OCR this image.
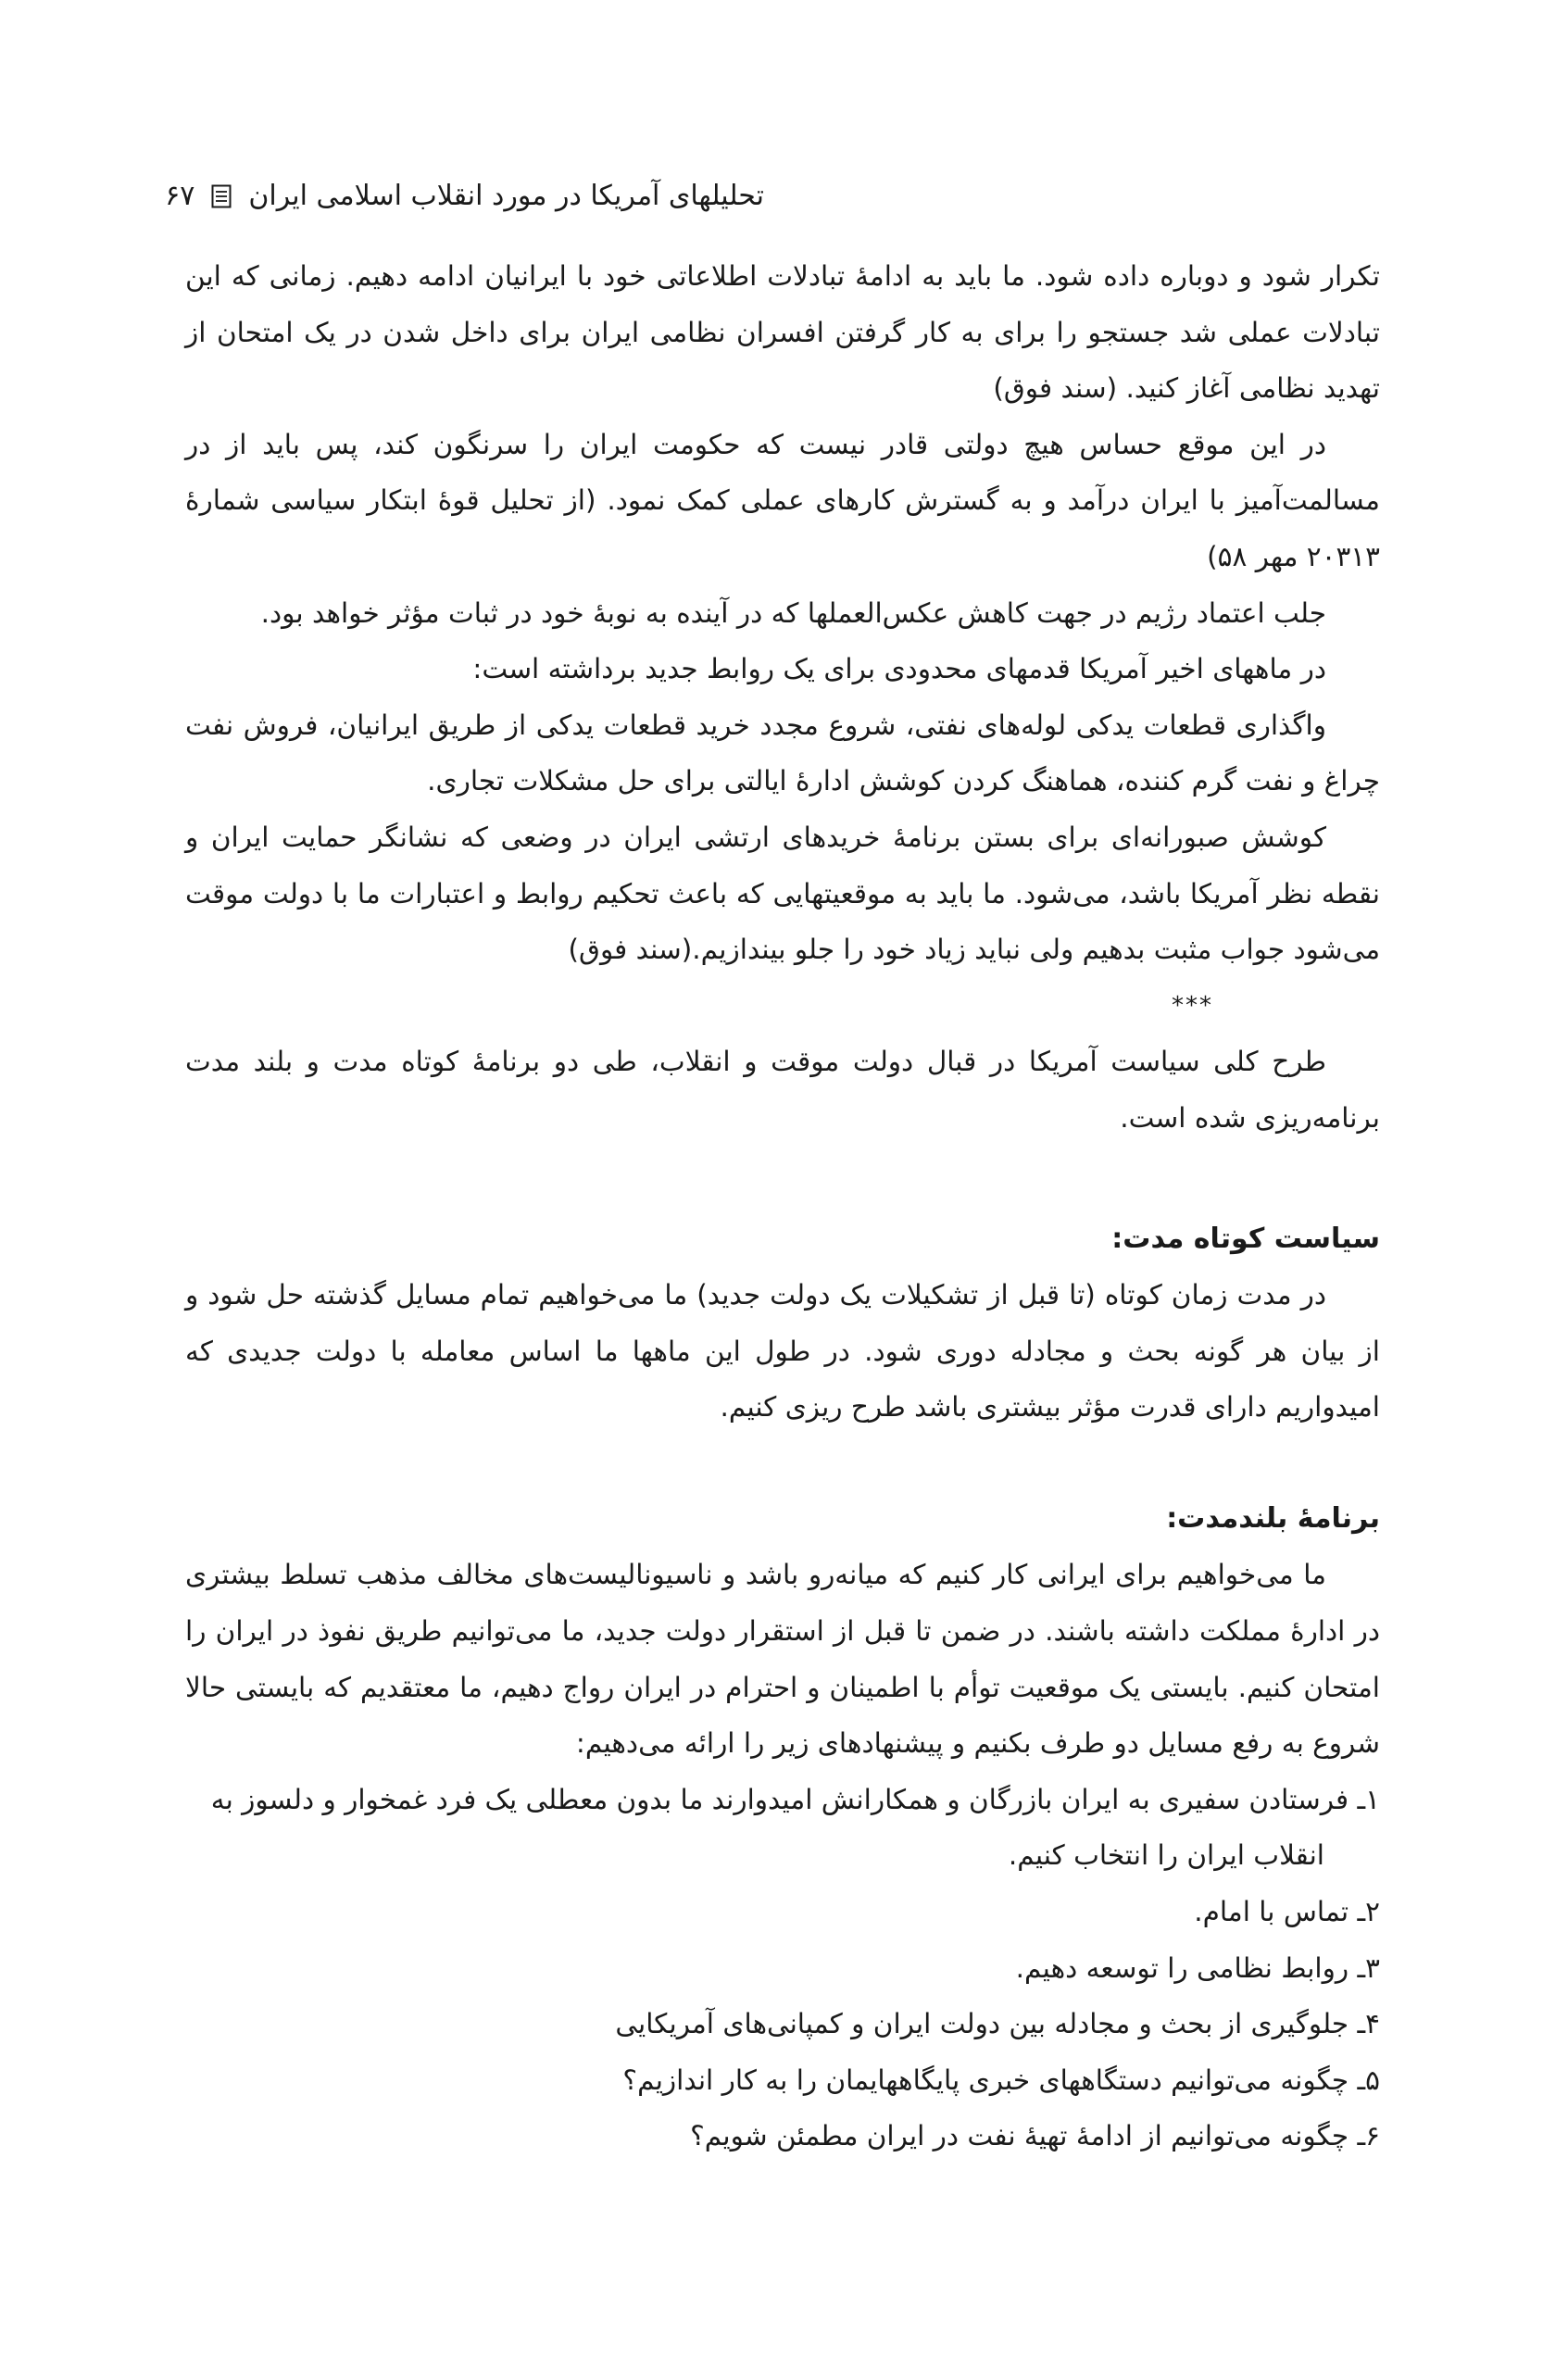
تحلیلهای آمریکا در مورد انقلاب اسلامی ایران
۶۷

تکرار شود و دوباره داده شود. ما باید به ادامهٔ تبادلات اطلاعاتی خود با ایرانیان ادامه دهیم. زمانی که این تبادلات عملی شد جستجو را برای به کار گرفتن افسران نظامی ایران برای داخل شدن در یک امتحان از تهدید نظامی آغاز کنید. (سند فوق)

در این موقع حساس هیچ دولتی قادر نیست که حکومت ایران را سرنگون کند، پس باید از در مسالمت‌آمیز با ایران درآمد و به گسترش کارهای عملی کمک نمود. (از تحلیل قوهٔ ابتکار سیاسی شمارهٔ ۲۰۳۱۳ مهر ۵۸)

جلب اعتماد رژیم در جهت کاهش عکس‌العملها که در آینده به نوبهٔ خود در ثبات مؤثر خواهد بود.

در ماههای اخیر آمریکا قدمهای محدودی برای یک روابط جدید برداشته است:

واگذاری قطعات یدکی لوله‌های نفتی، شروع مجدد خرید قطعات یدکی از طریق ایرانیان، فروش نفت چراغ و نفت گرم کننده، هماهنگ کردن کوشش ادارهٔ ایالتی برای حل مشکلات تجاری.

کوشش صبورانه‌ای برای بستن برنامهٔ خریدهای ارتشی ایران در وضعی که نشانگر حمایت ایران و نقطه نظر آمریکا باشد، می‌شود. ما باید به موقعیتهایی که باعث تحکیم روابط و اعتبارات ما با دولت موقت می‌شود جواب مثبت بدهیم ولی نباید زیاد خود را جلو بیندازیم.(سند فوق)

***

طرح کلی سیاست آمریکا در قبال دولت موقت و انقلاب، طی دو برنامهٔ کوتاه مدت و بلند مدت برنامه‌ریزی شده است.

سیاست کوتاه مدت:

در مدت زمان کوتاه (تا قبل از تشکیلات یک دولت جدید) ما می‌خواهیم تمام مسایل گذشته حل شود و از بیان هر گونه بحث و مجادله دوری شود. در طول این ماهها ما اساس معامله با دولت جدیدی که امیدواریم دارای قدرت مؤثر بیشتری باشد طرح ریزی کنیم.

برنامهٔ بلندمدت:

ما می‌خواهیم برای ایرانی کار کنیم که میانه‌رو باشد و ناسیونالیست‌های مخالف مذهب تسلط بیشتری در ادارهٔ مملکت داشته باشند. در ضمن تا قبل از استقرار دولت جدید، ما می‌توانیم طریق نفوذ در ایران را امتحان کنیم. بایستی یک موقعیت توأم با اطمینان و احترام در ایران رواج دهیم، ما معتقدیم که بایستی حالا شروع به رفع مسایل دو طرف بکنیم و پیشنهادهای زیر را ارائه می‌دهیم:

۱ـ فرستادن سفیری به ایران بازرگان و همکارانش امیدوارند ما بدون معطلی یک فرد غمخوار و دلسوز به
انقلاب ایران را انتخاب کنیم.

۲ـ تماس با امام.

۳ـ روابط نظامی را توسعه دهیم.

۴ـ جلوگیری از بحث و مجادله بین دولت ایران و کمپانی‌های آمریکایی

۵ـ چگونه می‌توانیم دستگاههای خبری پایگاههایمان را به کار اندازیم؟

۶ـ چگونه می‌توانیم از ادامهٔ تهیهٔ نفت در ایران مطمئن شویم؟
